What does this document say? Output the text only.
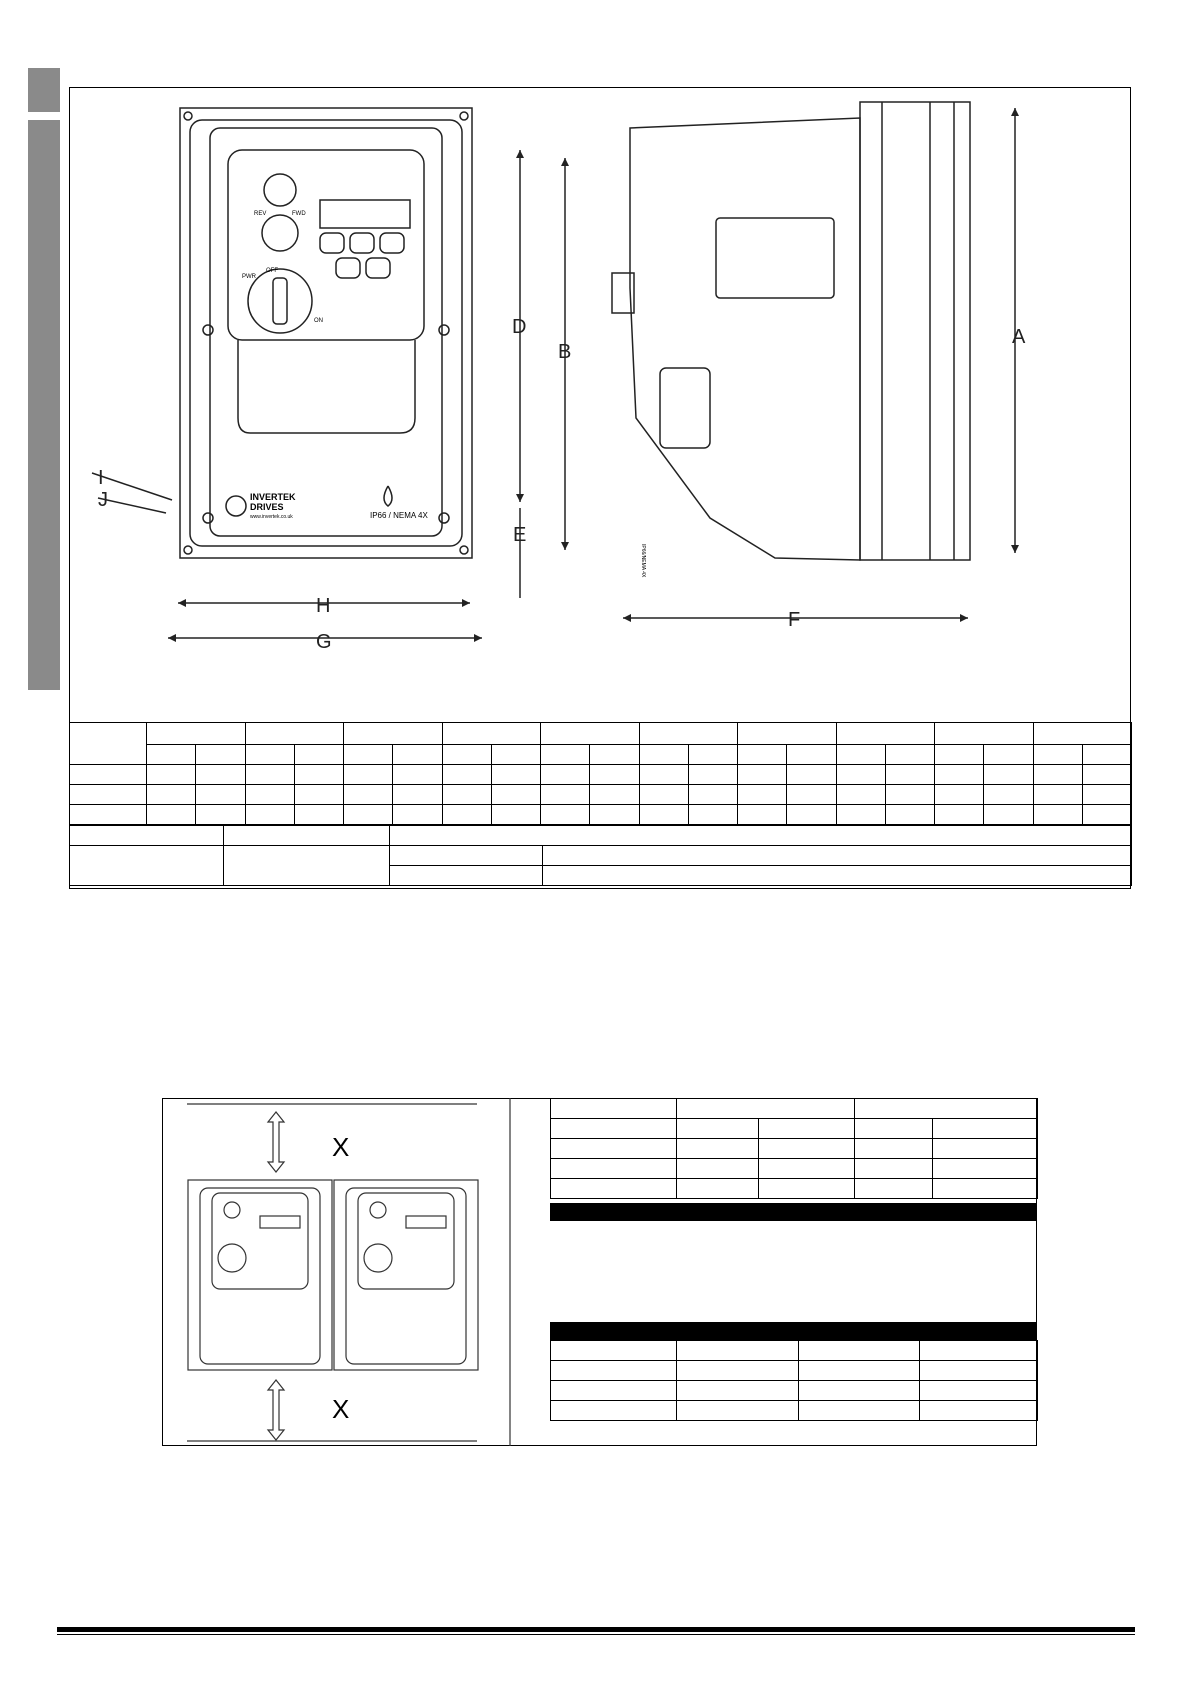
A
B
D
E
F
G
H
I
J	INVERTEK
DRIVES
www.invertek.co.uk	IP66 / NEMA 4X
REV	FWD
PWR
OFF
ON
IP66/NEMA 4X

X
X
